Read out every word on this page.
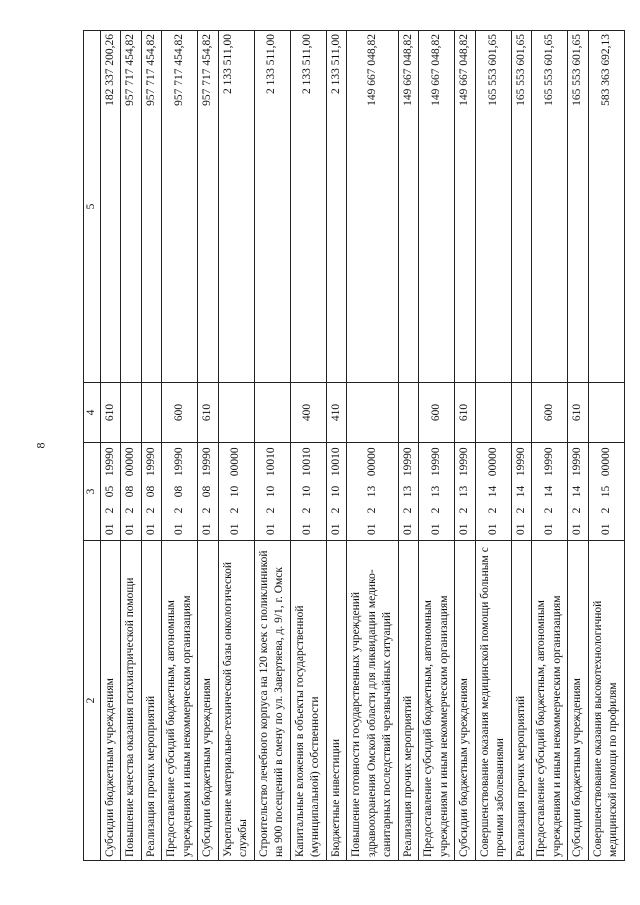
8
2	3				4	5
Субсидии бюджетным учреждениям	01	2	05	19990	610	182 337 200,26
Повышение качества оказания психиатрической помощи	01	2	08	00000		957 717 454,82
Реализация прочих мероприятий	01	2	08	19990		957 717 454,82
Предоставление субсидий бюджетным, автономным учреждениям и иным некоммерческим организациям	01	2	08	19990	600	957 717 454,82
Субсидии бюджетным учреждениям	01	2	08	19990	610	957 717 454,82
Укрепление материально-технической базы онкологической службы	01	2	10	00000		2 133 511,00
Строительство лечебного корпуса на 120 коек с поликлиникой на 900 посещений в смену по ул. Завертяева, д. 9/1, г. Омск	01	2	10	10010		2 133 511,00
Капитальные вложения в объекты государственной (муниципальной) собственности	01	2	10	10010	400	2 133 511,00
Бюджетные инвестиции	01	2	10	10010	410	2 133 511,00
Повышение готовности государственных учреждений здравоохранения Омской области для ликвидации медико-санитарных последствий чрезвычайных ситуаций	01	2	13	00000		149 667 048,82
Реализация прочих мероприятий	01	2	13	19990		149 667 048,82
Предоставление субсидий бюджетным, автономным учреждениям и иным некоммерческим организациям	01	2	13	19990	600	149 667 048,82
Субсидии бюджетным учреждениям	01	2	13	19990	610	149 667 048,82
Совершенствование оказания медицинской помощи больным с прочими заболеваниями	01	2	14	00000		165 553 601,65
Реализация прочих мероприятий	01	2	14	19990		165 553 601,65
Предоставление субсидий бюджетным, автономным учреждениям и иным некоммерческим организациям	01	2	14	19990	600	165 553 601,65
Субсидии бюджетным учреждениям	01	2	14	19990	610	165 553 601,65
Совершенствование оказания высокотехнологичной медицинской помощи по профилям	01	2	15	00000		583 363 692,13
